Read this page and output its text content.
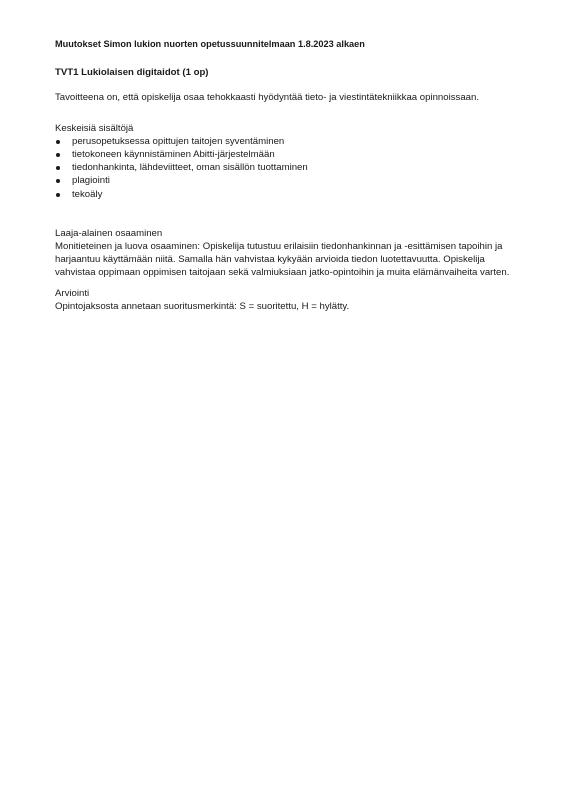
Muutokset Simon lukion nuorten opetussuunnitelmaan 1.8.2023 alkaen

TVT1 Lukiolaisen digitaidot (1 op)

Tavoitteena on, että opiskelija osaa tehokkaasti hyödyntää tieto- ja viestintätekniikkaa opinnoissaan.

Keskeisiä sisältöjä

perusopetuksessa opittujen taitojen syventäminen
tietokoneen käynnistäminen Abitti-järjestelmään
tiedonhankinta, lähdeviitteet, oman sisällön tuottaminen
plagiointi
tekoäly

Laaja-alainen osaaminen

Monitieteinen ja luova osaaminen: Opiskelija tutustuu erilaisiin tiedonhankinnan ja -esittämisen tapoihin ja harjaantuu käyttämään niitä. Samalla hän vahvistaa kykyään arvioida tiedon luotettavuutta. Opiskelija vahvistaa oppimaan oppimisen taitojaan sekä valmiuksiaan jatko-opintoihin ja muita elämänvaiheita varten.

Arviointi

Opintojaksosta annetaan suoritusmerkintä: S = suoritettu, H = hylätty.
